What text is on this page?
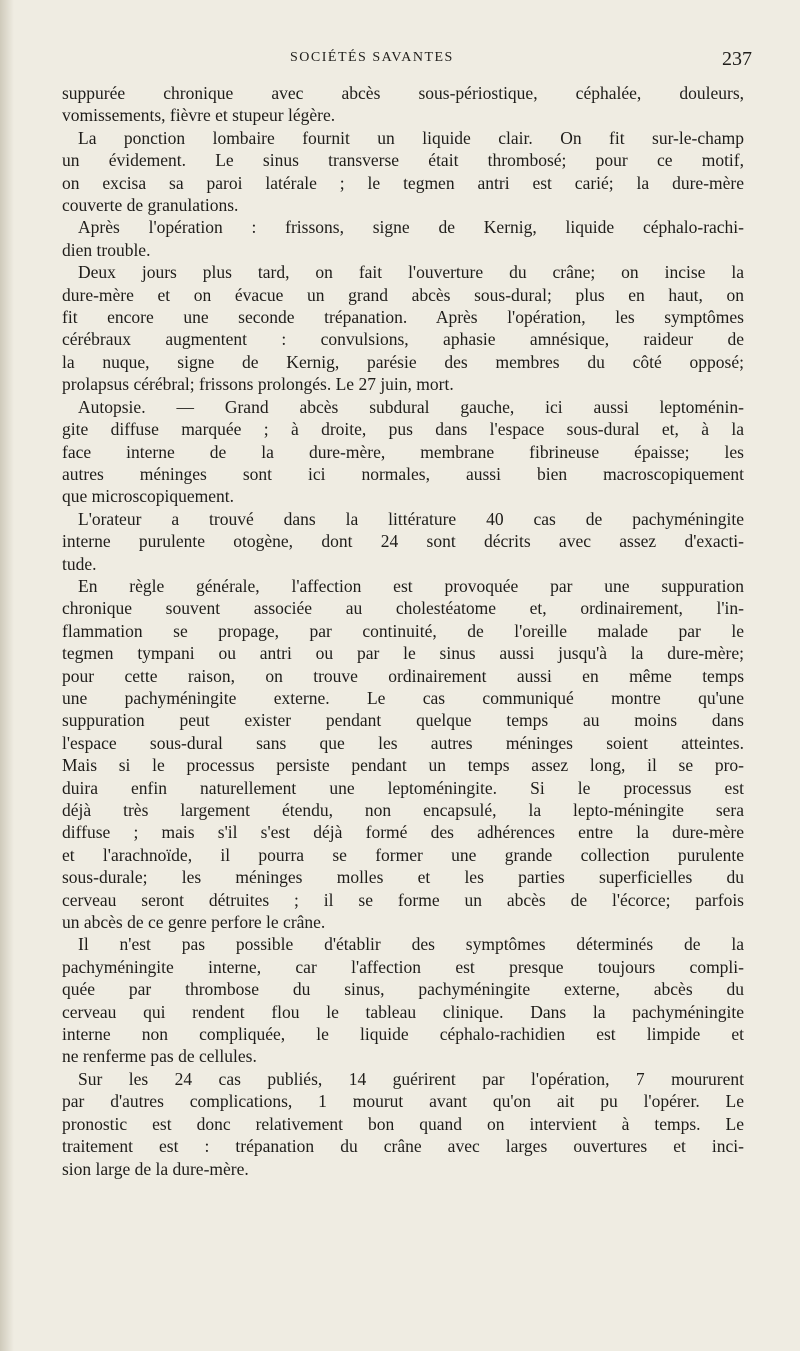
SOCIÉTÉS SAVANTES	237
suppurée chronique avec abcès sous-périostique, céphalée, douleurs,
vomissements, fièvre et stupeur légère.
La ponction lombaire fournit un liquide clair. On fit sur-le-champ
un évidement. Le sinus transverse était thrombosé; pour ce motif,
on excisa sa paroi latérale ; le tegmen antri est carié; la dure-mère
couverte de granulations.
Après l'opération : frissons, signe de Kernig, liquide céphalo-rachi-
dien trouble.
Deux jours plus tard, on fait l'ouverture du crâne; on incise la
dure-mère et on évacue un grand abcès sous-dural; plus en haut, on
fit encore une seconde trépanation. Après l'opération, les symptômes
cérébraux augmentent : convulsions, aphasie amnésique, raideur de
la nuque, signe de Kernig, parésie des membres du côté opposé;
prolapsus cérébral; frissons prolongés. Le 27 juin, mort.
Autopsie. — Grand abcès subdural gauche, ici aussi leptoménin-
gite diffuse marquée ; à droite, pus dans l'espace sous-dural et, à la
face interne de la dure-mère, membrane fibrineuse épaisse; les
autres méninges sont ici normales, aussi bien macroscopiquement
que microscopiquement.
L'orateur a trouvé dans la littérature 40 cas de pachyméningite
interne purulente otogène, dont 24 sont décrits avec assez d'exacti-
tude.
En règle générale, l'affection est provoquée par une suppuration
chronique souvent associée au cholestéatome et, ordinairement, l'in-
flammation se propage, par continuité, de l'oreille malade par le
tegmen tympani ou antri ou par le sinus aussi jusqu'à la dure-mère;
pour cette raison, on trouve ordinairement aussi en même temps
une pachyméningite externe. Le cas communiqué montre qu'une
suppuration peut exister pendant quelque temps au moins dans
l'espace sous-dural sans que les autres méninges soient atteintes.
Mais si le processus persiste pendant un temps assez long, il se pro-
duira enfin naturellement une leptoméningite. Si le processus est
déjà très largement étendu, non encapsulé, la lepto-méningite sera
diffuse ; mais s'il s'est déjà formé des adhérences entre la dure-mère
et l'arachnoïde, il pourra se former une grande collection purulente
sous-durale; les méninges molles et les parties superficielles du
cerveau seront détruites ; il se forme un abcès de l'écorce; parfois
un abcès de ce genre perfore le crâne.
Il n'est pas possible d'établir des symptômes déterminés de la
pachyméningite interne, car l'affection est presque toujours compli-
quée par thrombose du sinus, pachyméningite externe, abcès du
cerveau qui rendent flou le tableau clinique. Dans la pachyméningite
interne non compliquée, le liquide céphalo-rachidien est limpide et
ne renferme pas de cellules.
Sur les 24 cas publiés, 14 guérirent par l'opération, 7 moururent
par d'autres complications, 1 mourut avant qu'on ait pu l'opérer. Le
pronostic est donc relativement bon quand on intervient à temps. Le
traitement est : trépanation du crâne avec larges ouvertures et inci-
sion large de la dure-mère.
